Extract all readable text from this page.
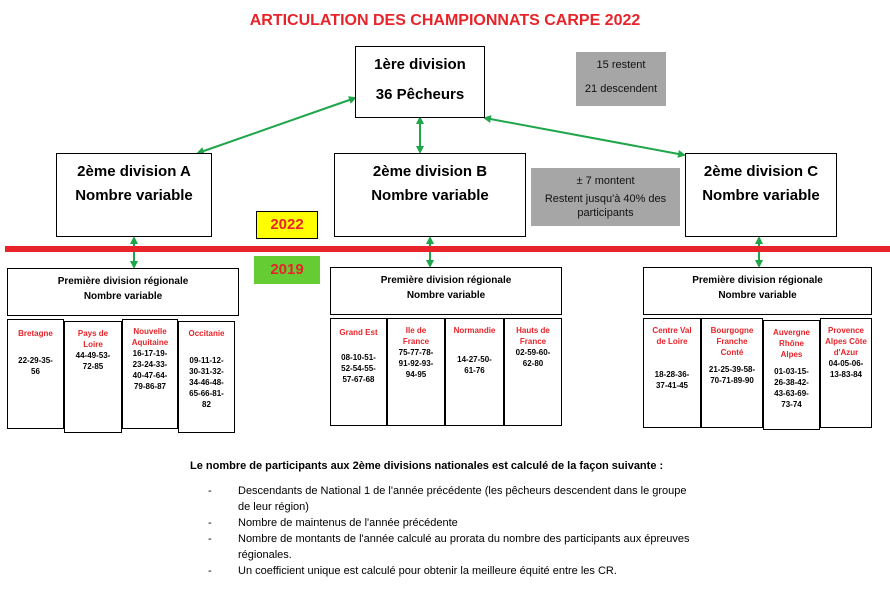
ARTICULATION DES CHAMPIONNATS CARPE 2022
1ère division
36 Pêcheurs
15 restent
21 descendent
2ème division A
Nombre variable
2ème division B
Nombre variable
2ème division C
Nombre variable
± 7 montent
Restent jusqu'à 40% des participants
2022
2019
Première division régionale
Nombre variable
Première division régionale
Nombre variable
Première division régionale
Nombre variable
Bretagne
22-29-35-56
Pays de Loire
44-49-53-72-85
Nouvelle Aquitaine
16-17-19-23-24-33-40-47-64-79-86-87
Occitanie
09-11-12-30-31-32-34-46-48-65-66-81-82
Grand Est
08-10-51-52-54-55-57-67-68
Ile de France
75-77-78-91-92-93-94-95
Normandie
14-27-50-61-76
Hauts de France
02-59-60-62-80
Centre Val de Loire
18-28-36-37-41-45
Bourgogne Franche Conté
21-25-39-58-70-71-89-90
Auvergne Rhône Alpes
01-03-15-26-38-42-43-63-69-73-74
Provence Alpes Côte d'Azur
04-05-06-13-83-84
Le nombre de participants aux 2ème divisions nationales est calculé de la façon suivante :
- Descendants de National 1 de l'année précédente (les pêcheurs descendent dans le groupe de leur région)
- Nombre de maintenus de l'année précédente
- Nombre de montants de l'année calculé au prorata du nombre des participants aux épreuves régionales.
- Un coefficient unique est calculé pour obtenir la meilleure équité entre les CR.
